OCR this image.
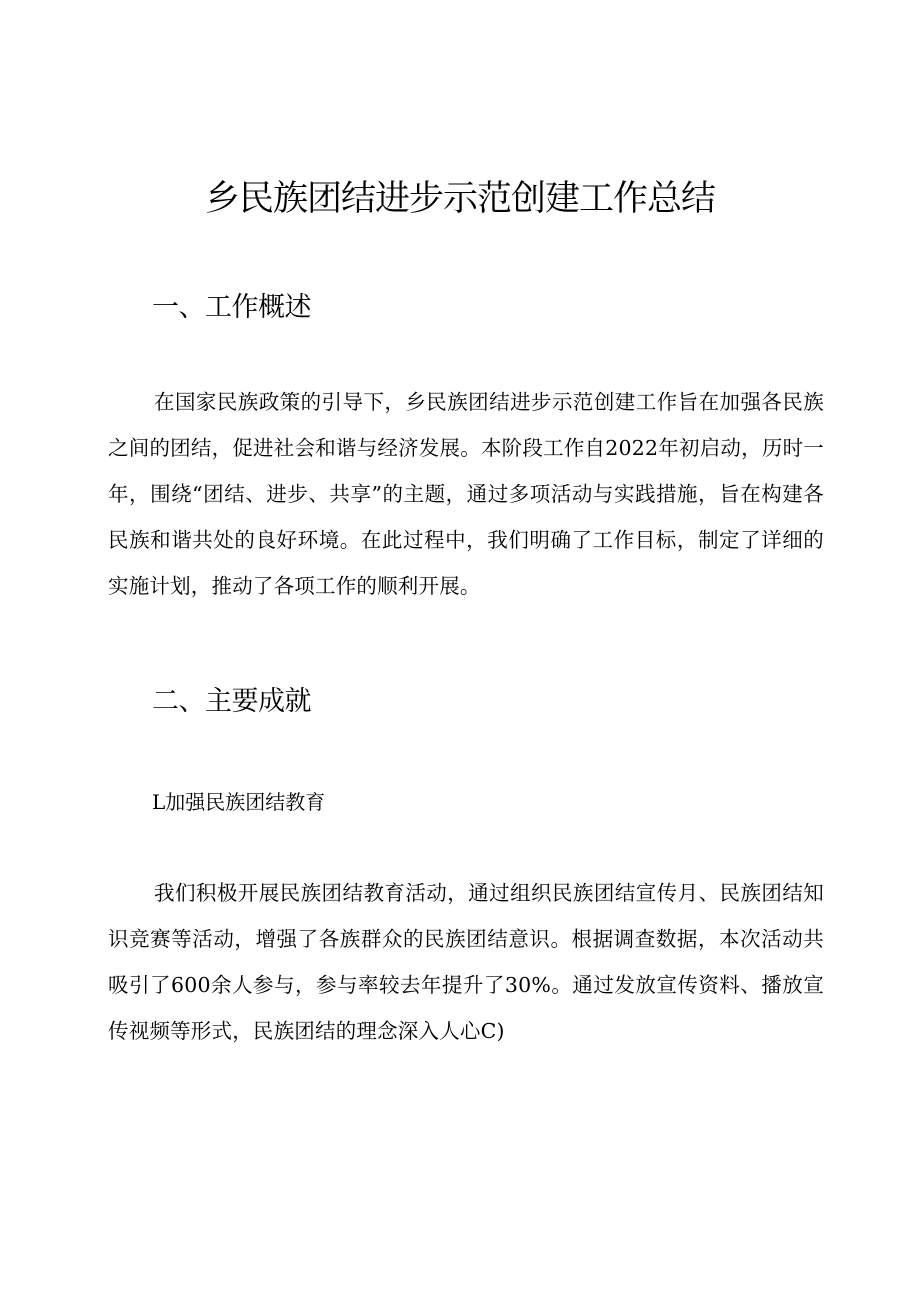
乡民族团结进步示范创建工作总结
一、工作概述

在国家民族政策的引导下，乡民族团结进步示范创建工作旨在加强各民族之间的团结，促进社会和谐与经济发展。本阶段工作自2022年初启动，历时一年，围绕“团结、进步、共享”的主题，通过多项活动与实践措施，旨在构建各民族和谐共处的良好环境。在此过程中，我们明确了工作目标，制定了详细的实施计划，推动了各项工作的顺利开展。

二、主要成就
L加强民族团结教育

我们积极开展民族团结教育活动，通过组织民族团结宣传月、民族团结知识竞赛等活动，增强了各族群众的民族团结意识。根据调查数据，本次活动共吸引了600余人参与，参与率较去年提升了30%。通过发放宣传资料、播放宣传视频等形式，民族团结的理念深入人心C)
